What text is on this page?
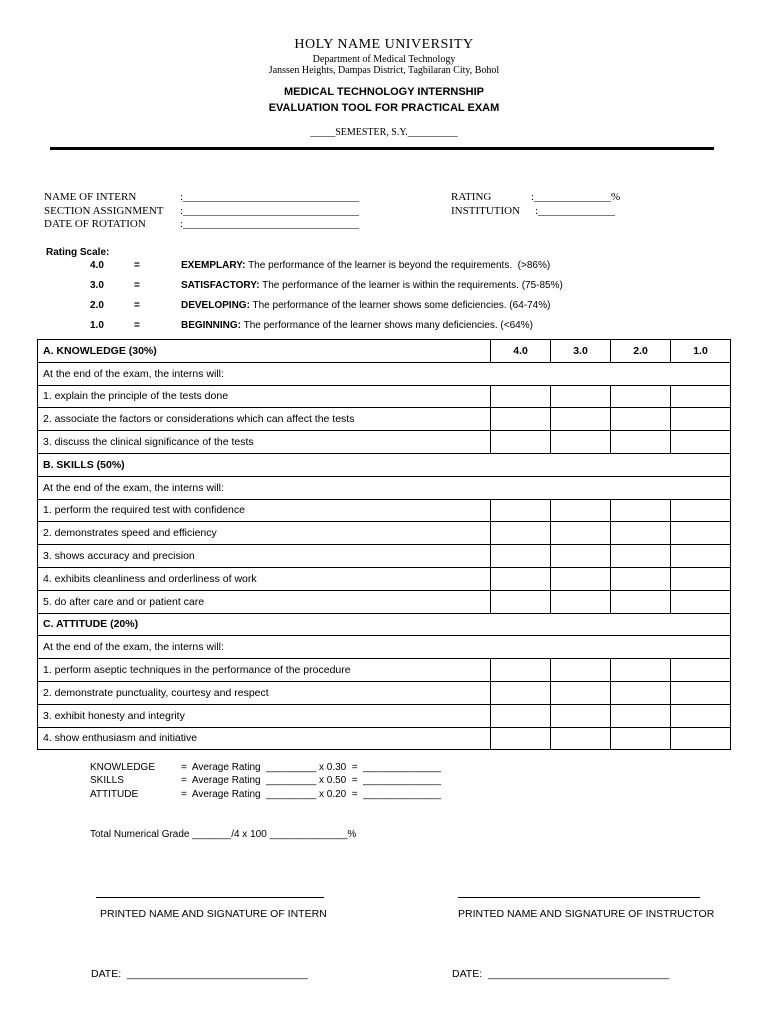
HOLY NAME UNIVERSITY
Department of Medical Technology
Janssen Heights, Dampas District, Tagbilaran City, Bohol
MEDICAL TECHNOLOGY INTERNSHIP
EVALUATION TOOL FOR PRACTICAL EXAM
_____SEMESTER, S.Y.__________
NAME OF INTERN	:________________________________
SECTION ASSIGNMENT :________________________________
DATE OF ROTATION	:________________________________
RATING	:______________%
INSTITUTION :______________
Rating Scale:
4.0	=	EXEMPLARY: The performance of the learner is beyond the requirements.  (>86%)
3.0	=	SATISFACTORY: The performance of the learner is within the requirements. (75-85%)
2.0	=	DEVELOPING: The performance of the learner shows some deficiencies. (64-74%)
1.0	=	BEGINNING: The performance of the learner shows many deficiencies. (<64%)
A. KNOWLEDGE (30%)	4.0	3.0	2.0	1.0
At the end of the exam, the interns will:				
1. explain the principle of the tests done				
2. associate the factors or considerations which can affect the tests				
3. discuss the clinical significance of the tests				
B. SKILLS (50%)				
At the end of the exam, the interns will:				
1. perform the required test with confidence				
2. demonstrates speed and efficiency				
3. shows accuracy and precision				
4. exhibits cleanliness and orderliness of work				
5. do after care and or patient care				
C. ATTITUDE (20%)				
At the end of the exam, the interns will:				
1. perform aseptic techniques in the performance of the procedure				
2. demonstrate punctuality, courtesy and respect				
3. exhibit honesty and integrity				
4. show enthusiasm and initiative				
KNOWLEDGE	=  Average Rating  _________ x 0.30  =  ______________
SKILLS	=  Average Rating  _________ x 0.50  =  ______________
ATTITUDE	=  Average Rating  _________ x 0.20  =  ______________
Total Numerical Grade _______/4 x 100 ______________%
PRINTED NAME AND SIGNATURE OF INTERN	PRINTED NAME AND SIGNATURE OF INSTRUCTOR
DATE:  _______________________________	DATE:  _______________________________
